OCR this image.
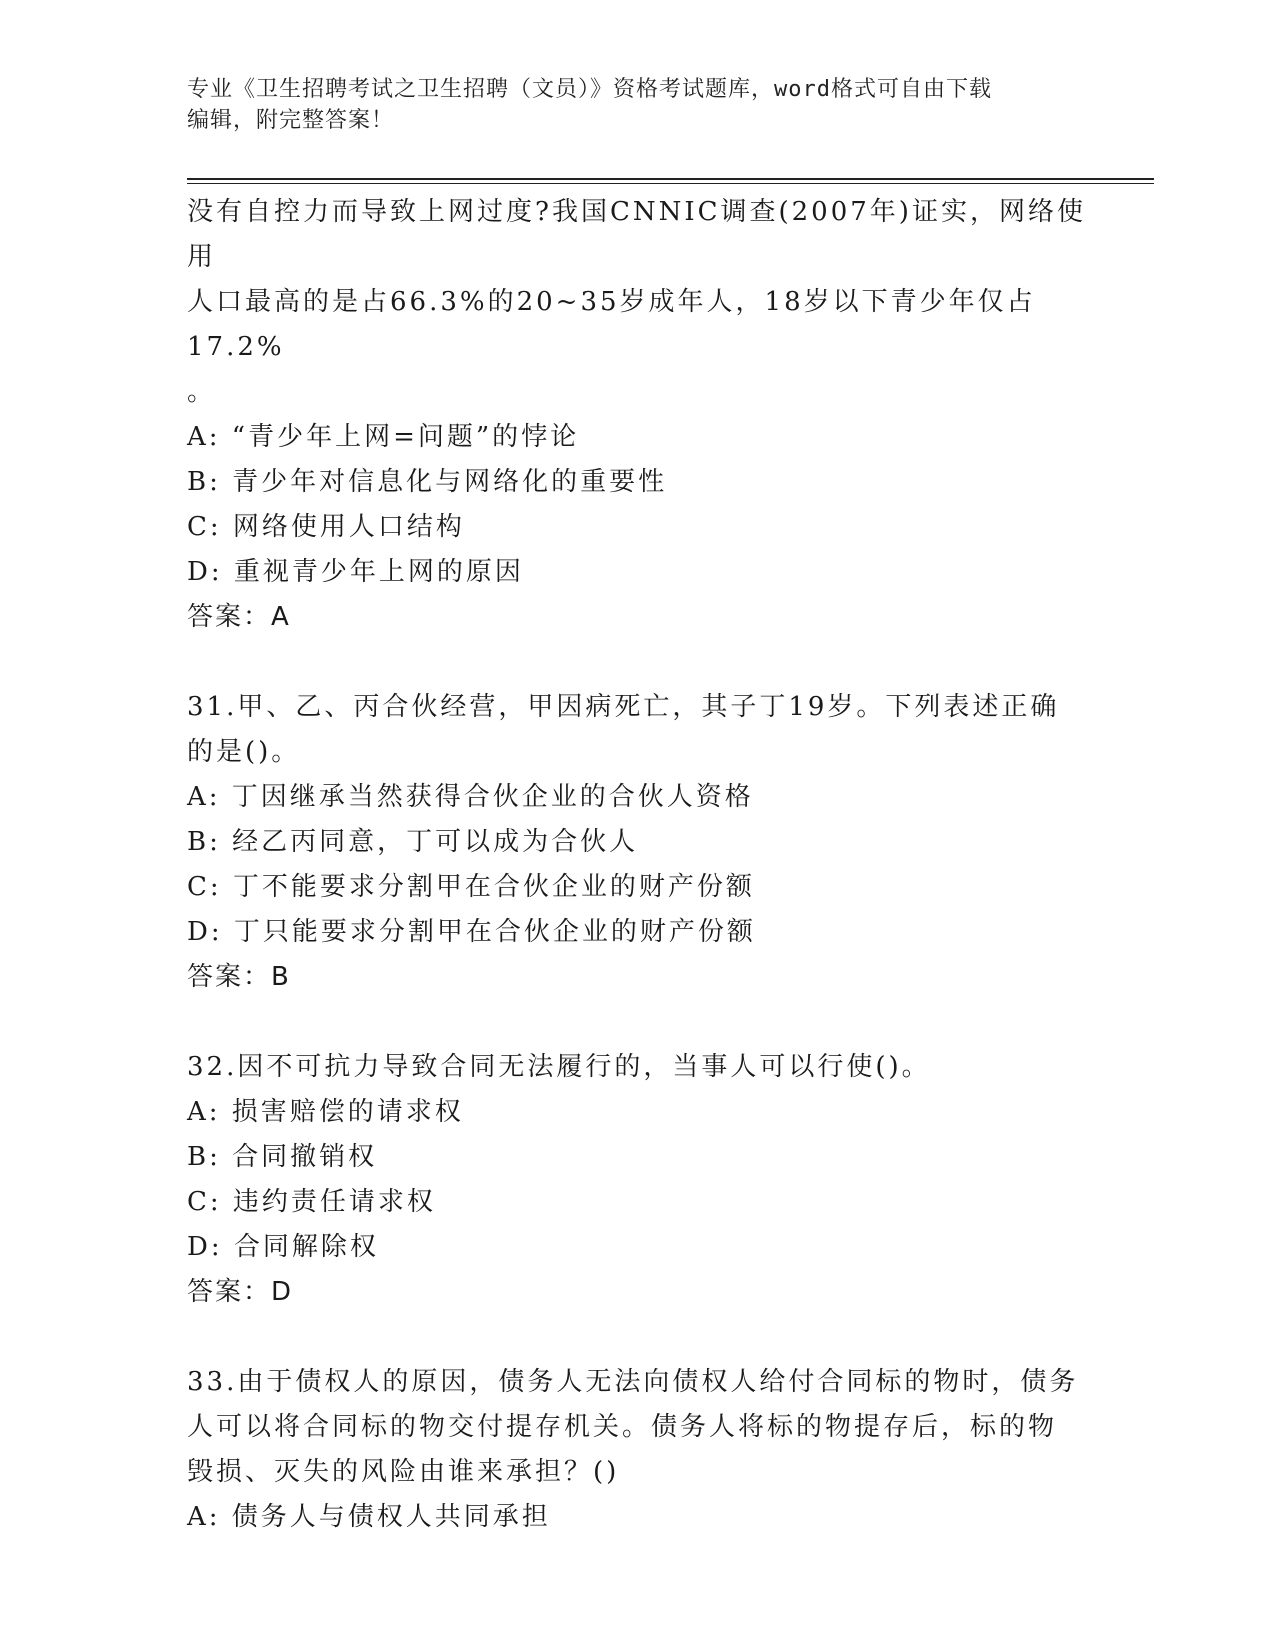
专业《卫生招聘考试之卫生招聘（文员）》资格考试题库，word格式可自由下载
编辑，附完整答案！

没有自控力而导致上网过度?我国CNNIC调查(2007年)证实，网络使用

人口最高的是占66.3%的20~35岁成年人，18岁以下青少年仅占17.2%

。

A: “青少年上网=问题”的悖论

B: 青少年对信息化与网络化的重要性

C: 网络使用人口结构

D: 重视青少年上网的原因

答案：A

31.甲、乙、丙合伙经营，甲因病死亡，其子丁19岁。下列表述正确

的是()。

A: 丁因继承当然获得合伙企业的合伙人资格

B: 经乙丙同意，丁可以成为合伙人

C: 丁不能要求分割甲在合伙企业的财产份额

D: 丁只能要求分割甲在合伙企业的财产份额

答案：B

32.因不可抗力导致合同无法履行的，当事人可以行使()。

A: 损害赔偿的请求权

B: 合同撤销权

C: 违约责任请求权

D: 合同解除权

答案：D

33.由于债权人的原因，债务人无法向债权人给付合同标的物时，债务

人可以将合同标的物交付提存机关。债务人将标的物提存后，标的物

毁损、灭失的风险由谁来承担？()

A: 债务人与债权人共同承担
